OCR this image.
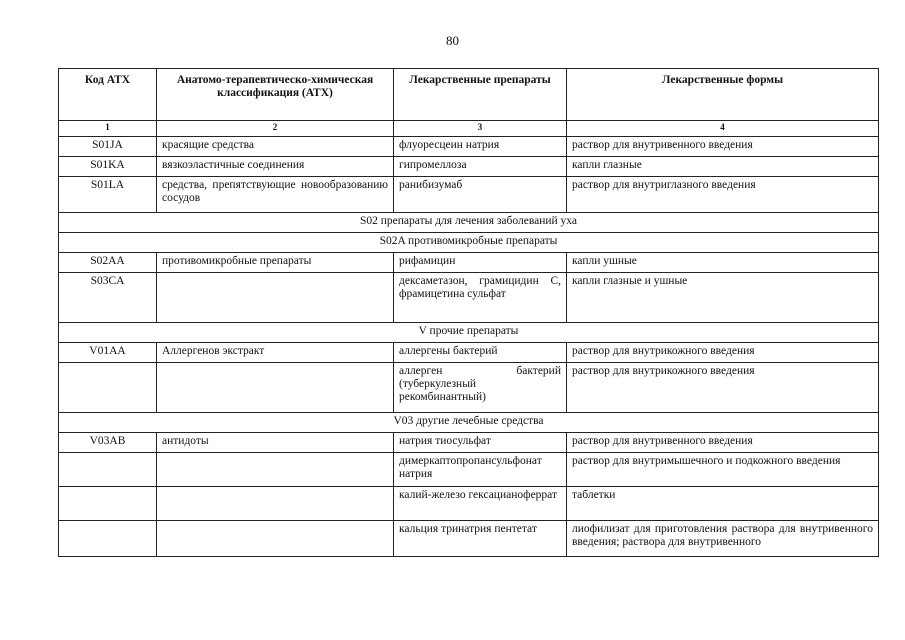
80
Код АТХ	Анатомо-терапевтическо-химическая классификация (АТХ)	Лекарственные препараты	Лекарственные формы
1	2	3	4
S01JA	красящие средства	флуоресцеин натрия	раствор для внутривенного введения
S01KA	вязкоэластичные соединения	гипромеллоза	капли глазные
S01LA	средства, препятствующие новообразованию сосудов	ранибизумаб	раствор для внутриглазного введения
S02 препараты для лечения заболеваний уха			
S02A противомикробные препараты			
S02AA	противомикробные препараты	рифамицин	капли ушные
S03CA		дексаметазон, грамицидин С, фрамицетина сульфат	капли глазные и ушные
V прочие препараты			
V01AA	Аллергенов экстракт	аллергены бактерий	раствор для внутрикожного введения
		аллерген бактерий (туберкулезный рекомбинантный)	раствор для внутрикожного введения
V03 другие лечебные средства			
V03AB	антидоты	натрия тиосульфат	раствор для внутривенного введения
		димеркаптопропансульфонат натрия	раствор для внутримышечного и подкожного введения
		калий-железо гексацианоферрат	таблетки
		кальция тринатрия пентетат	лиофилизат для приготовления раствора для внутривенного введения; раствора для внутривенного
